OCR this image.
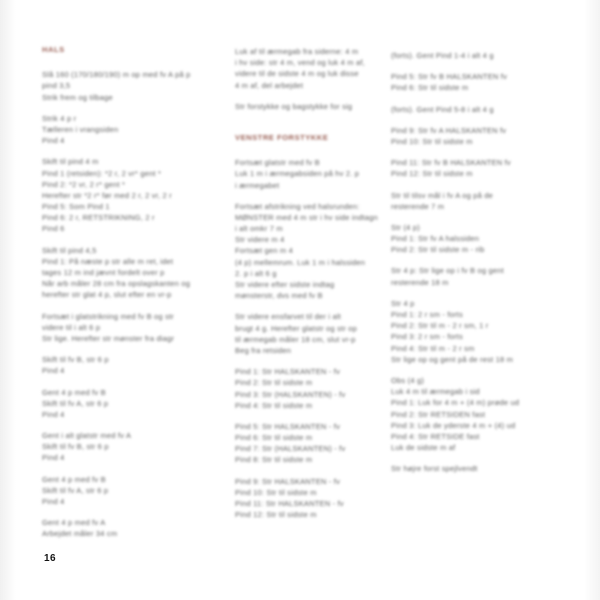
HALS
Slå 160 (170/180/190) m op med fv A på p
pind 3,5
Strik frem og tilbage
Strik 4 p r
Tælleren i vrangsiden
Pind 4
Skift til pind 4 m
Pind 1 (retsiden): *2 r, 2 vr* gent *
Pind 2: *2 vr, 2 r* gent *
Herefter str *2 r* før med 2 r, 2 vr, 2 r
Pind 5: Som Pind 1
Pind 6: 2 r, RETSTRIKNING, 2 r
Pind 6
Skift til pind 4,5
Pind 1: På næste p str alle m ret, idet
tages 12 m ind jævnt fordelt over p
Når arb måler 28 cm fra opslagskanten og
herefter str glat 4 p, slut efter en vr-p
Fortsæt i glatstrikning med fv B og str
videre til i alt 6 p
Str lige. Herefter str mønster fra diagr
Skift til fv B, str 6 p
Pind 4
Gent 4 p med fv B
Skift til fv A, str 6 p
Pind 4
Gent i alt glatstr med fv A
Skift til fv B, str 6 p
Pind 4
Gent 4 p med fv B
Skift til fv A, str 6 p
Pind 4
Gent 4 p med fv A
Arbejdet måler 34 cm
Luk af til ærmegab fra siderne: 4 m
i hv side: str 4 m, vend og luk 4 m af,
videre til de sidste 4 m og luk disse
4 m af, del arbejdet
Str forstykke og bagstykke for sig
VENSTRE FORSTYKKE
Fortsæt glatstr med fv B
Luk 1 m i ærmegabsiden på hv 2. p
i ærmegabet
Fortsæt afstrikning ved halsrunden:
MØNSTER med 4 m str i hv side indtagn
i alt omkr 7 m
Str videre m 4
Fortsæt gen m 4
(4 p) mellemrum. Luk 1 m i halssiden
2. p i alt 6 g
Str videre efter sidste indtag
mønsterstr, dvs med fv B
Str videre ensfarvet til der i alt
brugt 4 g. Herefter glatstr og str op
til ærmegab måler 18 cm, slut vr-p
Beg fra retsiden
Pind 1: Str HALSKANTEN - fv
Pind 2: Str til sidste m
Pind 3: Str (HALSKANTEN) - fv
Pind 4: Str til sidste m
Pind 5: Str HALSKANTEN - fv
Pind 6: Str til sidste m
Pind 7: Str (HALSKANTEN) - fv
Pind 8: Str til sidste m
Pind 9: Str HALSKANTEN - fv
Pind 10: Str til sidste m
Pind 11: Str HALSKANTEN - fv
Pind 12: Str til sidste m
(forts). Gent Pind 1-4 i alt 4 g
Pind 5: Str fv B HALSKANTEN fv
Pind 6: Str til sidste m
(forts). Gent Pind 5-8 i alt 4 g
Pind 9: Str fv A HALSKANTEN fv
Pind 10: Str til sidste m
Pind 11: Str fv B HALSKANTEN fv
Pind 12: Str til sidste m
Str til tilsv mål i fv A og på de
resterende 7 m
Str (4 p)
Pind 1: Str fv A halssiden
Pind 2: Str til sidste m - rib
Str 4 p: Str lige op i fv B og gent
resterende 18 m
Str 4 p
Pind 1: 2 r sm - forts
Pind 2: Str til m - 2 r sm, 1 r
Pind 3: 2 r sm - forts
Pind 4: Str til m - 2 r sm
Str lige op og gent på de rest 18 m
Obs (4 g)
Luk 4 m til ærmegab i sid
Pind 1: Luk for 4 m + (4 m) prøde ud
Pind 2: Str RETSIDEN fast
Pind 3: Luk de yderste 4 m + (4) ud
Pind 4: Str RETSIDE fast
Luk de sidste m af
Str højre forst spejlvendt
16
